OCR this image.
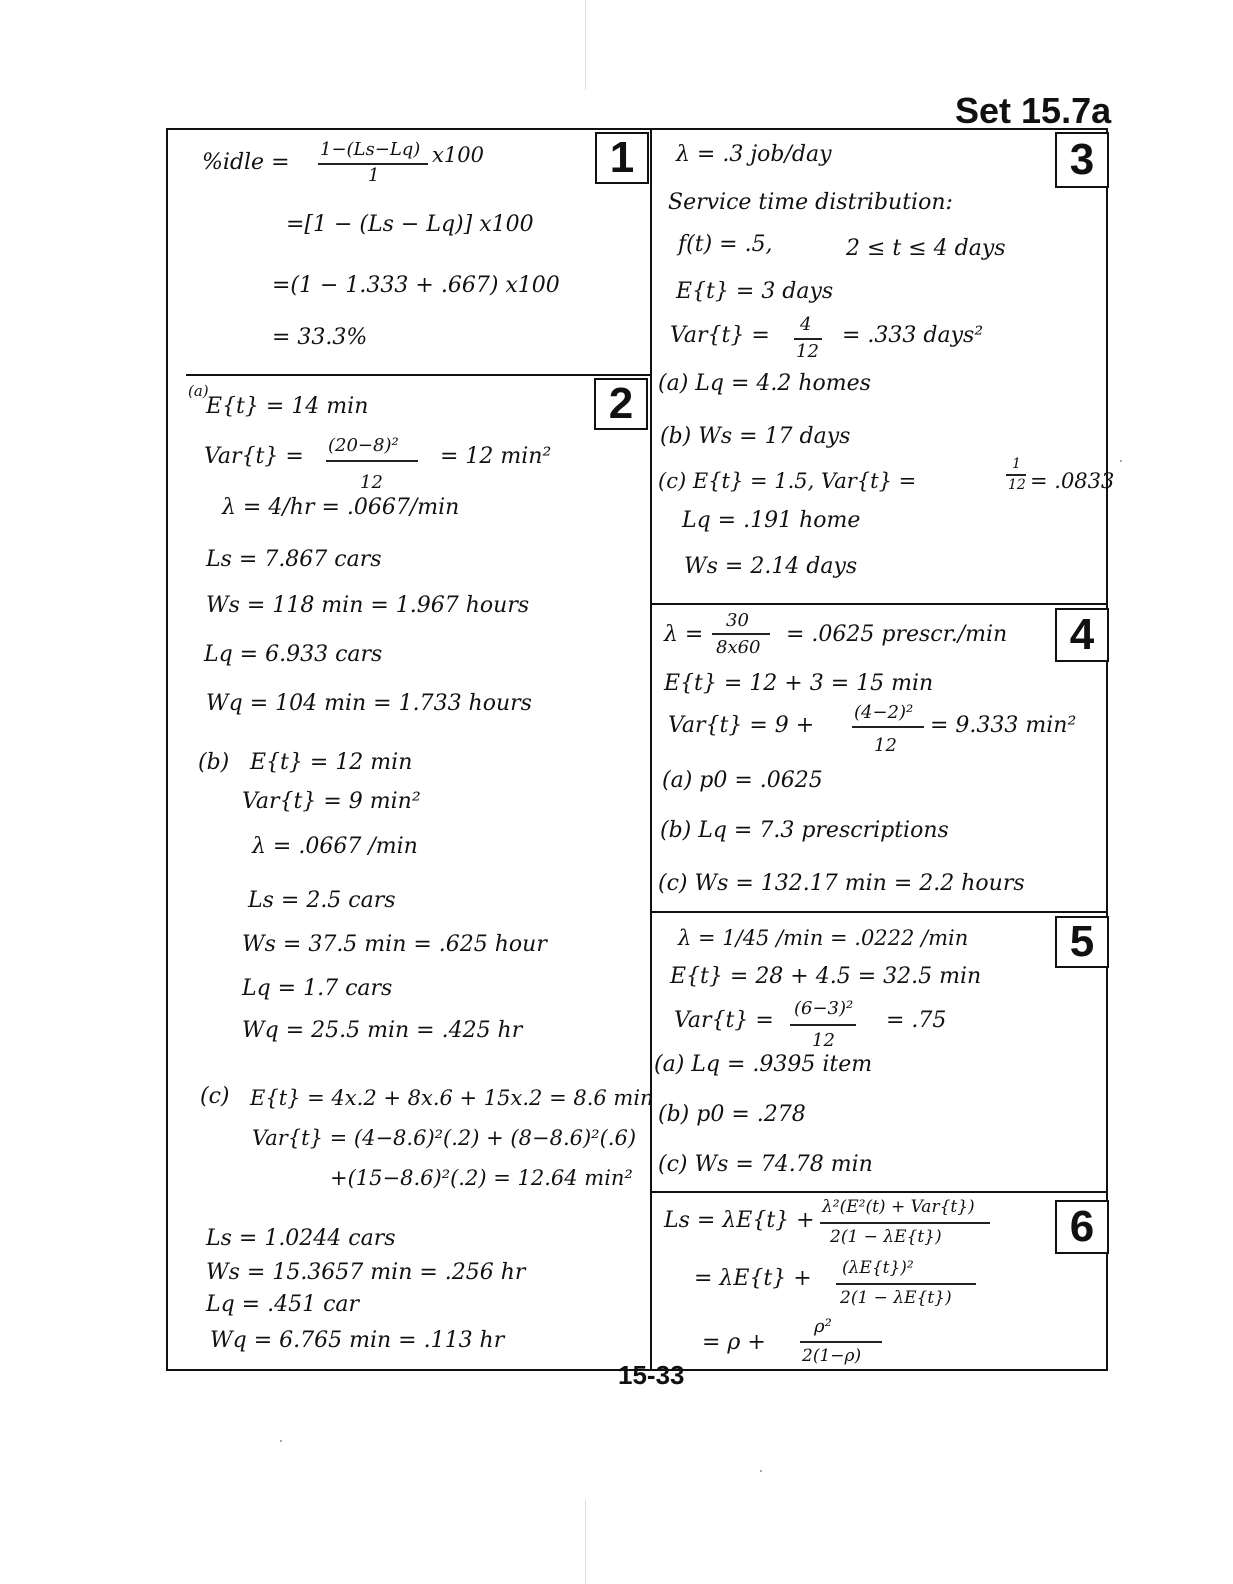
Set 15.7a
1
%idle =
1−(Ls−Lq)
1
x100
=[1 − (Ls − Lq)] x100
=(1 − 1.333 + .667) x100
= 33.3%
2
(a)
E{t} = 14 min
Var{t} = (20−8)²
12
= 12 min²
λ = 4/hr = .0667/min
Ls = 7.867 cars
Ws = 118 min = 1.967 hours
Lq = 6.933 cars
Wq = 104 min = 1.733 hours
(b) E{t} = 12 min
Var{t} = 9 min²
λ = .0667 /min
Ls = 2.5 cars
Ws = 37.5 min = .625 hour
Lq = 1.7 cars
Wq = 25.5 min = .425 hr
(c) E{t} = 4x.2 + 8x.6 + 15x.2 = 8.6 min
Var{t} = (4−8.6)²(.2) + (8−8.6)²(.6)
+(15−8.6)²(.2) = 12.64 min²
Ls = 1.0244 cars
Ws = 15.3657 min = .256 hr
Lq = .451 car
Wq = 6.765 min = .113 hr
3
λ = .3 job/day
Service time distribution:
f(t) = .5,	2 ≤ t ≤ 4 days
E{t} = 3 days
Var{t} = 4
12
= .333 days²
(a) Lq = 4.2 homes
(b) Ws = 17 days
(c) E{t} = 1.5, Var{t} =
1
12 = .0833
Lq = .191 home
Ws = 2.14 days
4
λ =
30
8x60
= .0625 prescr./min
E{t} = 12 + 3 = 15 min
Var{t} = 9 +
(4−2)²
12
= 9.333 min²
(a) p0 = .0625
(b) Lq = 7.3 prescriptions
(c) Ws = 132.17 min = 2.2 hours
5
λ = 1/45 /min = .0222 /min
E{t} = 28 + 4.5 = 32.5 min
Var{t} = (6−3)²
12
= .75
(a) Lq = .9395 item
(b) p0 = .278
(c) Ws = 74.78 min
6
Ls = λE{t} +
λ²(E²(t) + Var{t})
2(1 − λE{t})
= λE{t} + (λE{t})²
2(1 − λE{t})
= ρ +
ρ²
2(1−ρ)
15-33
